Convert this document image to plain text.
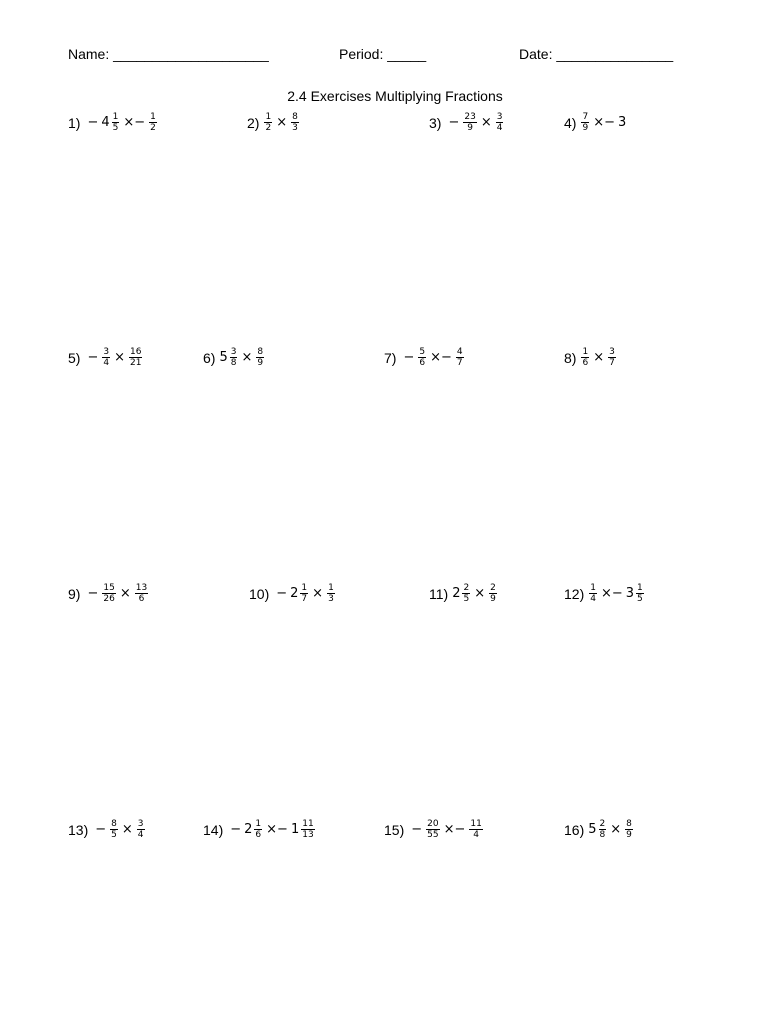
Name: ____________________	Period: _____	Date: _______________
2.4 Exercises Multiplying Fractions
$1) - 4 \frac{1}{5} \times- \frac{1}{2}$	$2) \frac{1}{2} \times \frac{8}{3}$	$3) - \frac{23}{9} \times \frac{3}{4}$	$4) \frac{7}{9} \times- 3$
$5) - \frac{3}{4} \times \frac{16}{21}$	6) $5 \frac{3}{8} \times \frac{8}{9}$	$7) - \frac{5}{6} \times- \frac{4}{7}$	$8) \frac{1}{6} \times \frac{3}{7}$
$9) - \frac{15}{26} \times \frac{13}{6}$	$10) - 2 \frac{1}{7} \times \frac{1}{3}$	11) $2 \frac{2}{5} \times \frac{2}{9}$	$12) \frac{1}{4} \times- 3 \frac{1}{5}$
$13) - \frac{8}{5} \times \frac{3}{4}$	$14) - 2 \frac{1}{6} \times- 1 \frac{11}{13}$	$15) - \frac{20}{55} \times- \frac{11}{4}$	16) $5 \frac{2}{8} \times \frac{8}{9}$
